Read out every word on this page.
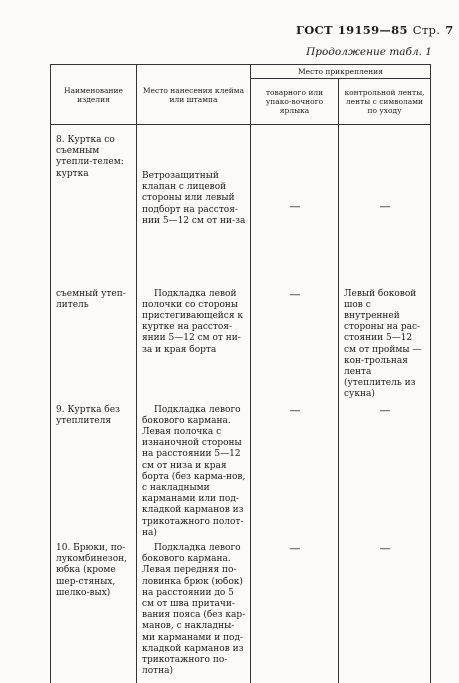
ГОСТ 19159—85 Стр. 7
Продолжение табл. 1
Наименование изделия	Место нанесения клейма или штампа	Место прикрепления	
		товарного или упако-вочного ярлыка	контрольной ленты, ленты с символами по уходу
8. Куртка со съемным утепли-телем:
куртка	Ветрозащитный клапан с лицевой стороны или левый подборт на расстоя-нии 5—12 см от ни-за	—	—

съемный утеп-литель	Подкладка левой полочки со стороны пристегивающейся к куртке на расстоя-янии 5—12 см от ни-за и края борта	—	Левый боковой шов с внутренней стороны на рас-стоянии 5—12 см от проймы — кон-трольная лента (утеплитель из сукна)
9. Куртка без утеплителя	Подкладка левого бокового кармана. Левая полочка с изнаночной стороны на расстоянии 5—12 см от низа и края борта (без карма-нов, с накладными карманами или под-кладкой карманов из трикотажного полот-на)	—	—

10. Брюки, по-лукомбинезон, юбка (кроме шер-стяных, шелко-вых)	Подкладка левого бокового кармана. Левая передняя по-ловинка брюк (юбок) на расстоянии до 5 см от шва притачи-вания пояса (без кар-манов, с накладны-ми карманами и под-кладкой карманов из трикотажного по-лотна)	—	—
